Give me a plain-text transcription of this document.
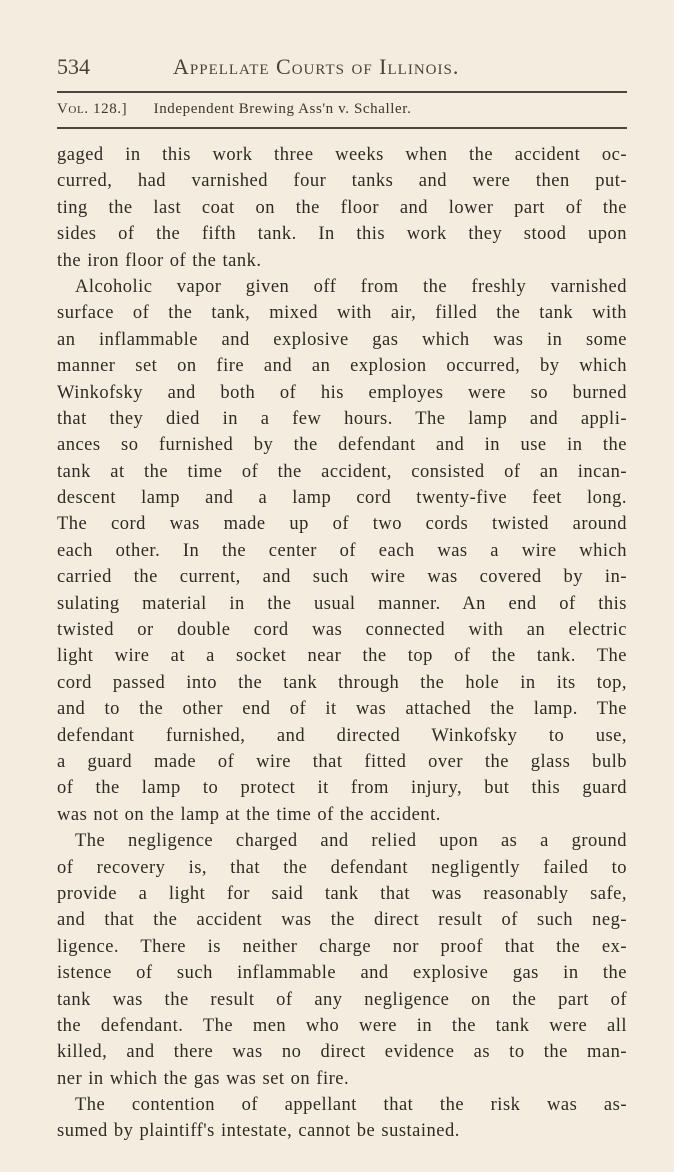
534	Appellate Courts of Illinois.
Vol. 128.] Independent Brewing Ass'n v. Schaller.
gaged in this work three weeks when the accident oc-
curred, had varnished four tanks and were then put-
ting the last coat on the floor and lower part of the
sides of the fifth tank. In this work they stood upon
the iron floor of the tank.
Alcoholic vapor given off from the freshly varnished
surface of the tank, mixed with air, filled the tank with
an inflammable and explosive gas which was in some
manner set on fire and an explosion occurred, by which
Winkofsky and both of his employes were so burned
that they died in a few hours. The lamp and appli-
ances so furnished by the defendant and in use in the
tank at the time of the accident, consisted of an incan-
descent lamp and a lamp cord twenty-five feet long.
The cord was made up of two cords twisted around
each other. In the center of each was a wire which
carried the current, and such wire was covered by in-
sulating material in the usual manner. An end of this
twisted or double cord was connected with an electric
light wire at a socket near the top of the tank. The
cord passed into the tank through the hole in its top,
and to the other end of it was attached the lamp. The
defendant furnished, and directed Winkofsky to use,
a guard made of wire that fitted over the glass bulb
of the lamp to protect it from injury, but this guard
was not on the lamp at the time of the accident.
The negligence charged and relied upon as a ground
of recovery is, that the defendant negligently failed to
provide a light for said tank that was reasonably safe,
and that the accident was the direct result of such neg-
ligence. There is neither charge nor proof that the ex-
istence of such inflammable and explosive gas in the
tank was the result of any negligence on the part of
the defendant. The men who were in the tank were all
killed, and there was no direct evidence as to the man-
ner in which the gas was set on fire.
The contention of appellant that the risk was as-
sumed by plaintiff's intestate, cannot be sustained.
